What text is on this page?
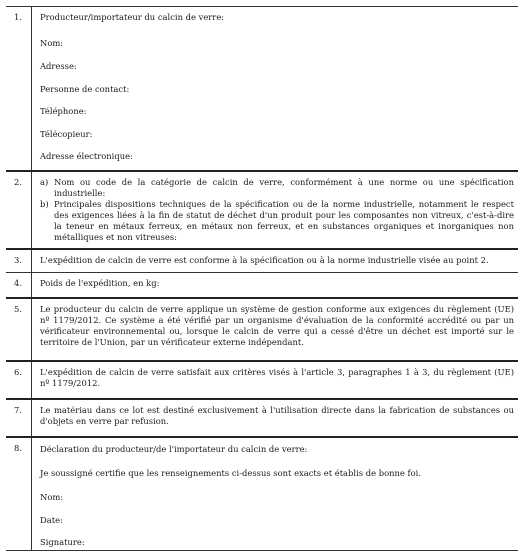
1.	Producteur/importateur du calcin de verre:
Nom:
Adresse:
Personne de contact:
Téléphone:
Télécopieur:
Adresse électronique:
2.	a) Nom ou code de la catégorie de calcin de verre, conformément à une norme ou une spécification industrielle:
b) Principales dispositions techniques de la spécification ou de la norme industrielle, notamment le respect des exigences liées à la fin de statut de déchet d'un produit pour les composantes non vitreux, c'est-à-dire la teneur en métaux ferreux, en métaux non ferreux, et en substances organiques et inorganiques non métalliques et non vitreuses:
3.	L'expédition de calcin de verre est conforme à la spécification ou à la norme industrielle visée au point 2.
4.	Poids de l'expédition, en kg:
5.	Le producteur du calcin de verre applique un système de gestion conforme aux exigences du règlement (UE) nº 1179/2012. Ce système a été vérifié par un organisme d'évaluation de la conformité accrédité ou par un vérificateur environnemental ou, lorsque le calcin de verre qui a cessé d'être un déchet est importé sur le territoire de l'Union, par un vérificateur externe indépendant.
6.	L'expédition de calcin de verre satisfait aux critères visés à l'article 3, paragraphes 1 à 3, du règlement (UE) nº 1179/2012.
7.	Le matériau dans ce lot est destiné exclusivement à l'utilisation directe dans la fabrication de substances ou d'objets en verre par refusion.
8.	Déclaration du producteur/de l'importateur du calcin de verre:
Je soussigné certifie que les renseignements ci-dessus sont exacts et établis de bonne foi.
Nom:
Date:
Signature:
